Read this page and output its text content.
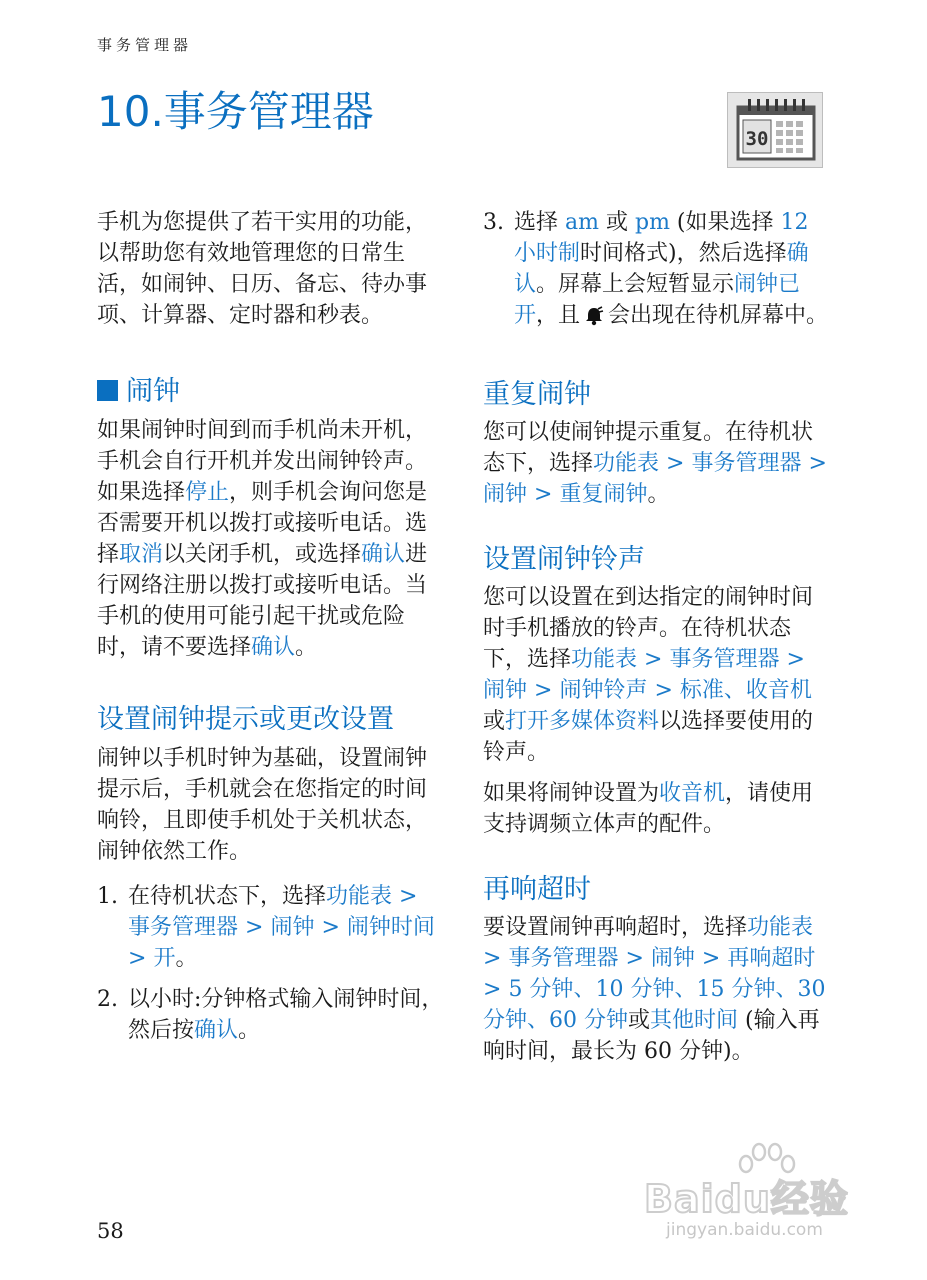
事务管理器
10.事务管理器
30

手机为您提供了若干实用的功能，以帮助您有效地管理您的日常生活，如闹钟、日历、备忘、待办事项、计算器、定时器和秒表。

闹钟

如果闹钟时间到而手机尚未开机，手机会自行开机并发出闹钟铃声。如果选择停止，则手机会询问您是否需要开机以拨打或接听电话。选择取消以关闭手机，或选择确认进行网络注册以拨打或接听电话。当手机的使用可能引起干扰或危险时，请不要选择确认。

设置闹钟提示或更改设置

闹钟以手机时钟为基础，设置闹钟提示后，手机就会在您指定的时间响铃，且即使手机处于关机状态，闹钟依然工作。

1. 在待机状态下，选择功能表 > 事务管理器 > 闹钟 > 闹钟时间 > 开。
2. 以小时:分钟格式输入闹钟时间，然后按确认。
3. 选择 am 或 pm (如果选择 12 小时制时间格式)，然后选择确认。屏幕上会短暂显示闹钟已开，且 会出现在待机屏幕中。
重复闹钟

您可以使闹钟提示重复。在待机状态下，选择功能表 > 事务管理器 > 闹钟 > 重复闹钟。

设置闹钟铃声

您可以设置在到达指定的闹钟时间时手机播放的铃声。在待机状态下，选择功能表 > 事务管理器 > 闹钟 > 闹钟铃声 > 标准、收音机或打开多媒体资料以选择要使用的铃声。

如果将闹钟设置为收音机，请使用支持调频立体声的配件。

再响超时

要设置闹钟再响超时，选择功能表 > 事务管理器 > 闹钟 > 再响超时 > 5 分钟、10 分钟、15 分钟、30 分钟、60 分钟或其他时间 (输入再响时间，最长为 60 分钟)。

58
Baidu经验
jingyan.baidu.com
